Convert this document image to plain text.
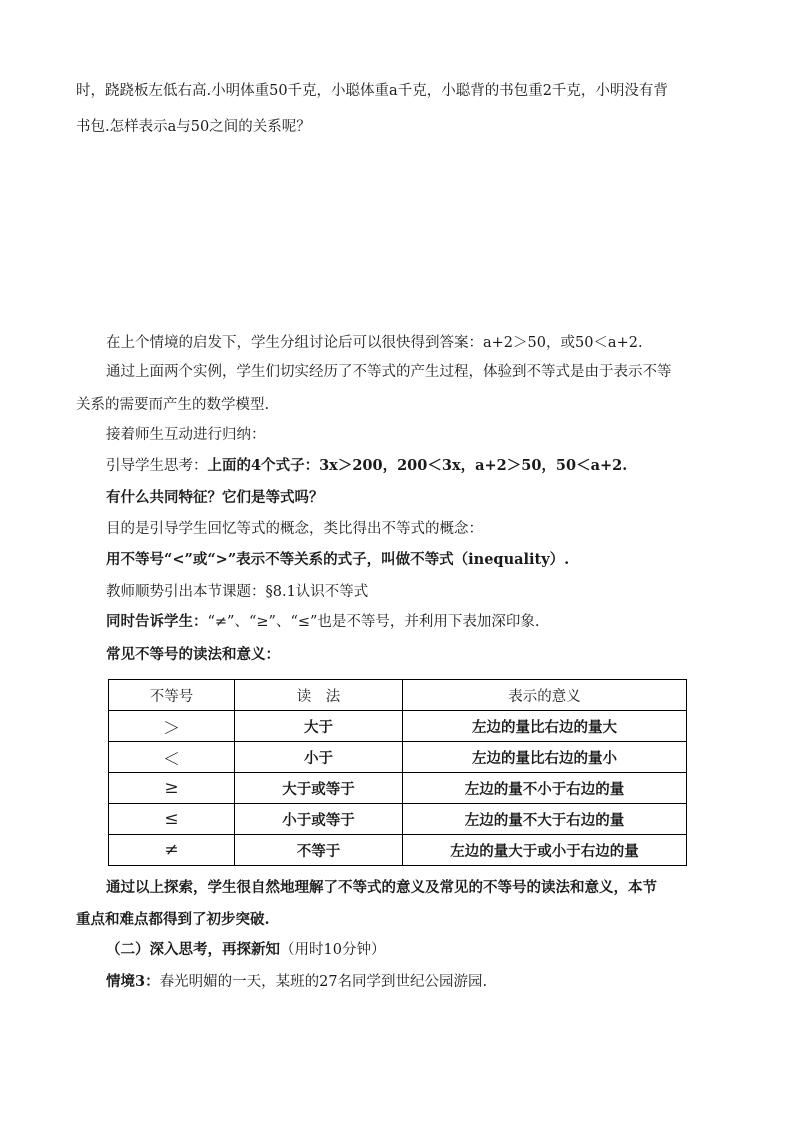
时，跷跷板左低右高.小明体重50千克，小聪体重a千克，小聪背的书包重2千克，小明没有背
书包.怎样表示a与50之间的关系呢？
在上个情境的启发下，学生分组讨论后可以很快得到答案：a+2＞50，或50＜a+2.
通过上面两个实例，学生们切实经历了不等式的产生过程，体验到不等式是由于表示不等
关系的需要而产生的数学模型.
接着师生互动进行归纳：
引导学生思考：上面的4个式子：3x＞200，200＜3x，a+2＞50，50＜a+2.
有什么共同特征？它们是等式吗？
目的是引导学生回忆等式的概念，类比得出不等式的概念：
用不等号“<”或“>”表示不等关系的式子，叫做不等式（inequality）.
教师顺势引出本节课题：§8.1认识不等式
同时告诉学生：“≠”、“≥”、“≤”也是不等号，并利用下表加深印象.
常见不等号的读法和意义：
不等号	读　法	表示的意义
＞	大于	左边的量比右边的量大
＜	小于	左边的量比右边的量小
≥	大于或等于	左边的量不小于右边的量
≤	小于或等于	左边的量不大于右边的量
≠	不等于	左边的量大于或小于右边的量
通过以上探索，学生很自然地理解了不等式的意义及常见的不等号的读法和意义，本节
重点和难点都得到了初步突破.
（二）深入思考，再探新知（用时10分钟）
情境3：春光明媚的一天，某班的27名同学到世纪公园游园.
